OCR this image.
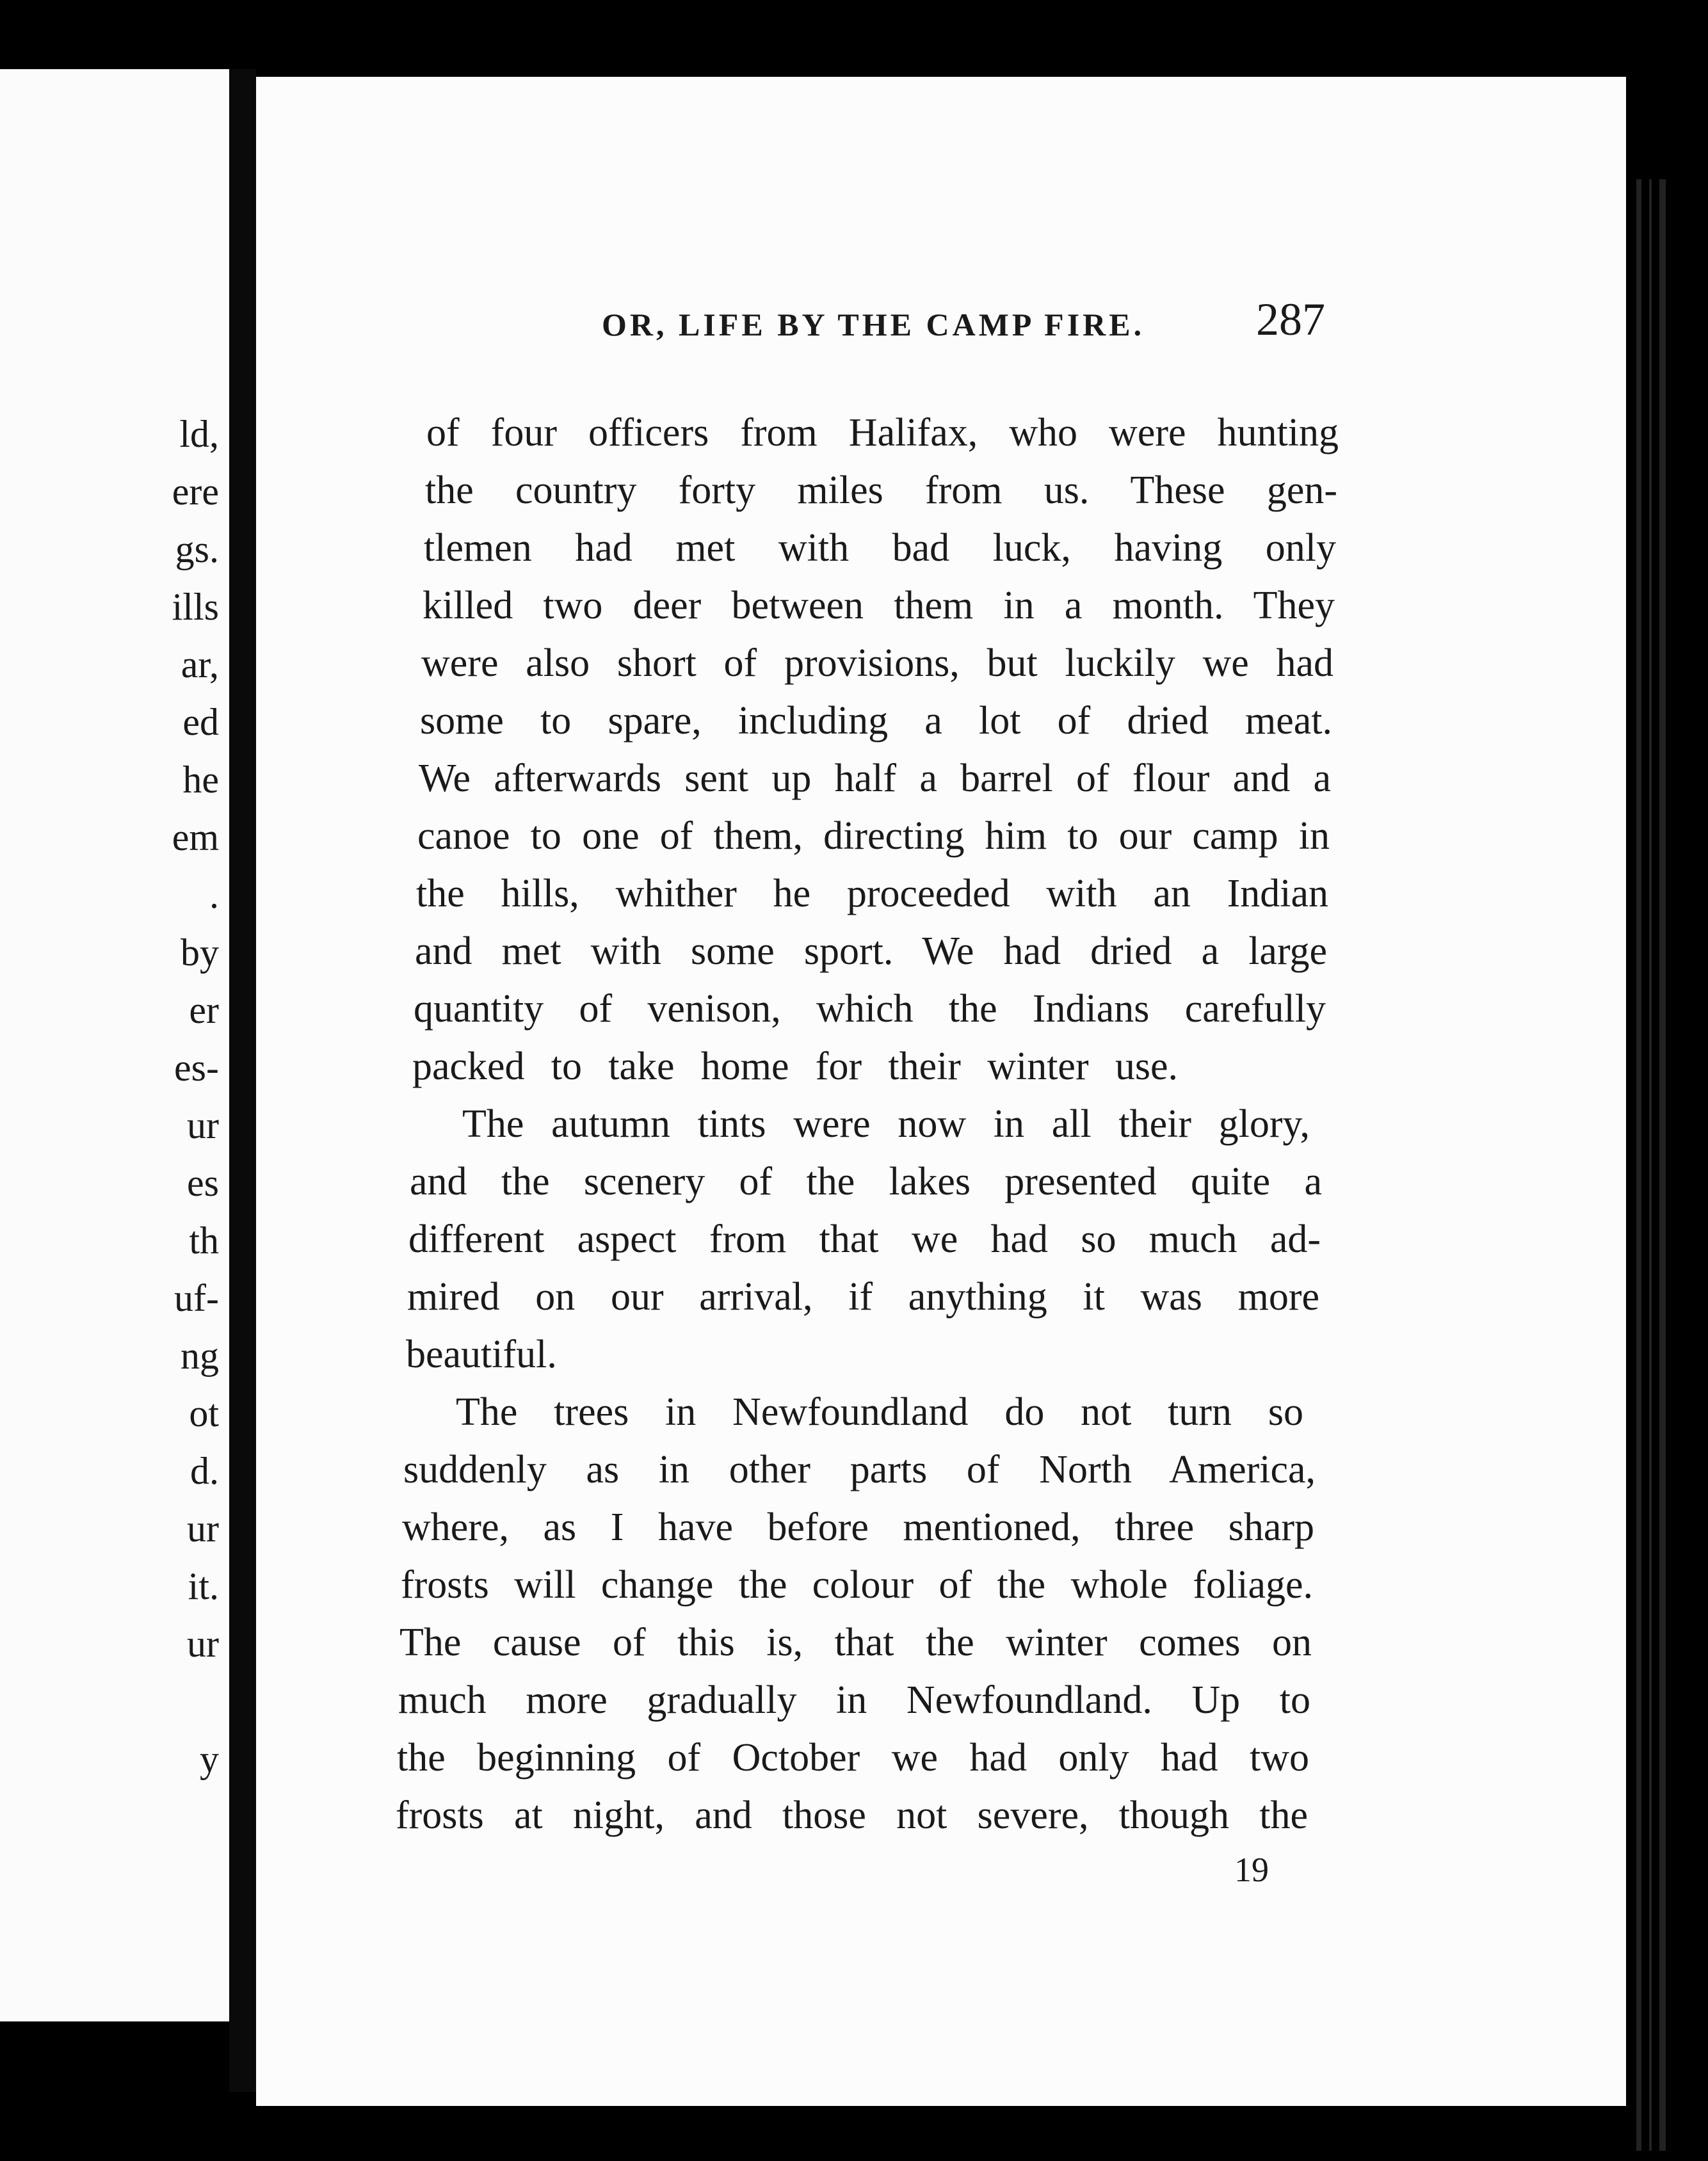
ld,

ere

gs.

ills

ar,

ed

he

em

.

by

er

es-

ur

es

th

uf-

ng

ot

d.

ur

it.

ur

y

OR, LIFE BY THE CAMP FIRE. 287

of four officers from Halifax, who were hunting

the country forty miles from us. These gen-

tlemen had met with bad luck, having only

killed two deer between them in a month. They

were also short of provisions, but luckily we had

some to spare, including a lot of dried meat.

We afterwards sent up half a barrel of flour and a

canoe to one of them, directing him to our camp in

the hills, whither he proceeded with an Indian

and met with some sport. We had dried a large

quantity of venison, which the Indians carefully

packed to take home for their winter use.

The autumn tints were now in all their glory,

and the scenery of the lakes presented quite a

different aspect from that we had so much ad-

mired on our arrival, if anything it was more

beautiful.

The trees in Newfoundland do not turn so

suddenly as in other parts of North America,

where, as I have before mentioned, three sharp

frosts will change the colour of the whole foliage.

The cause of this is, that the winter comes on

much more gradually in Newfoundland. Up to

the beginning of October we had only had two

frosts at night, and those not severe, though the

19
